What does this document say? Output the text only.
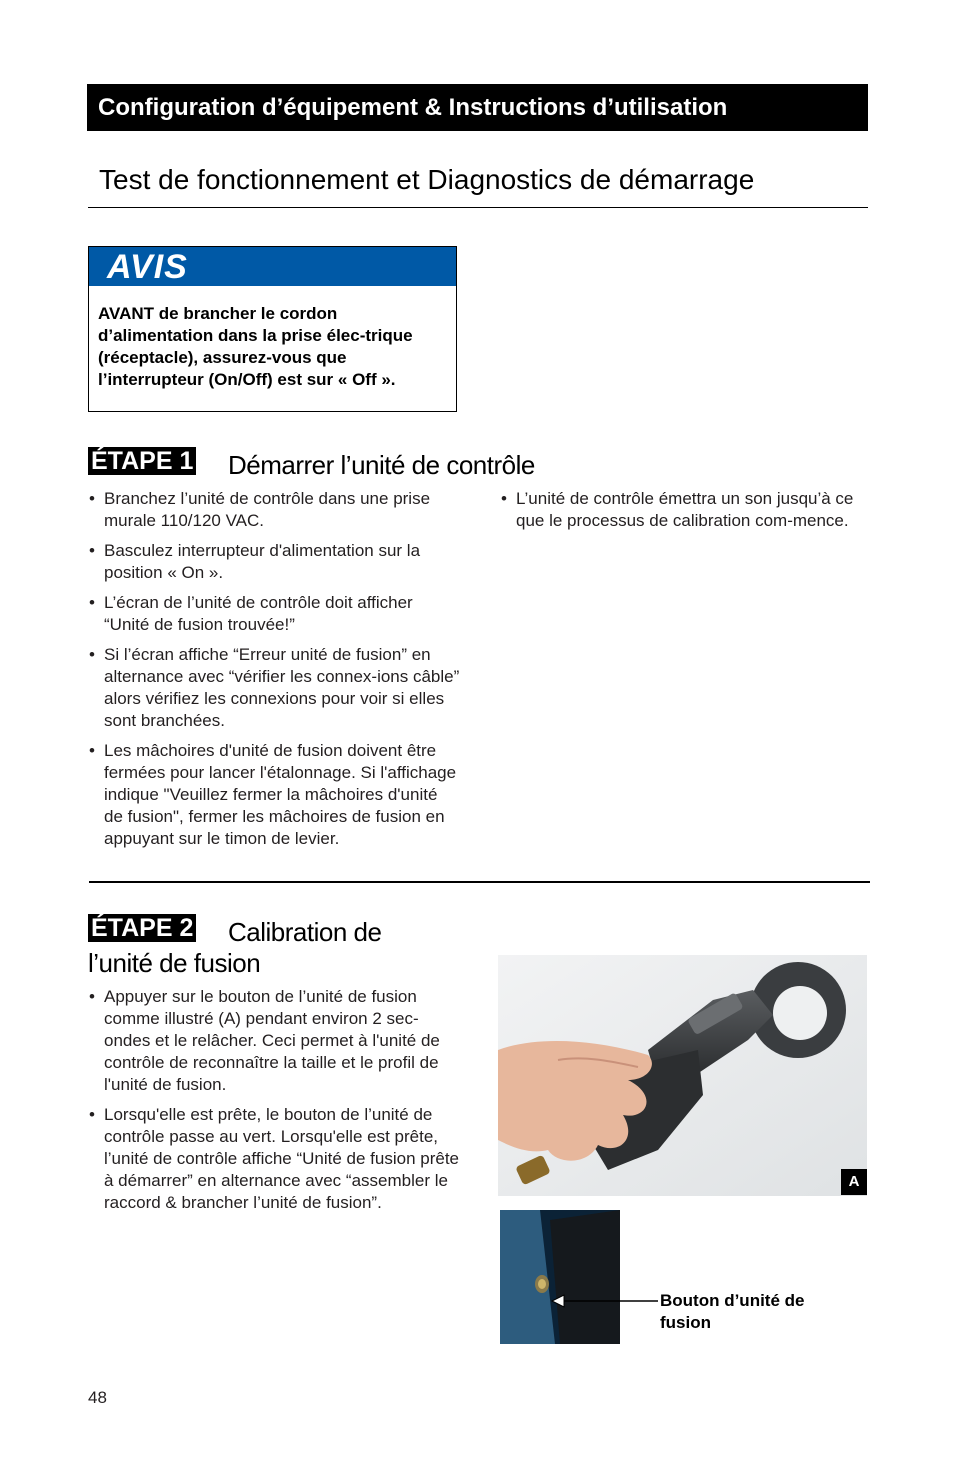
Configuration d’équipement & Instructions d’utilisation
Test de fonctionnement et Diagnostics de démarrage
AVIS
AVANT de brancher le cordon d’alimentation dans la prise élec-trique (réceptacle), assurez-vous que l’interrupteur (On/Off) est sur « Off ».
ÉTAPE 1 Démarrer l’unité de contrôle
• Branchez l’unité de contrôle dans une prise murale 110/120 VAC.
• Basculez interrupteur d'alimentation sur la position « On ».
• L’écran de l’unité de contrôle doit afficher “Unité de fusion trouvée!”
• Si l’écran affiche “Erreur unité de fusion” en alternance avec “vérifier les connex-ions câble” alors vérifiez les connexions pour voir si elles sont branchées.
• Les mâchoires d'unité de fusion doivent être fermées pour lancer l'étalonnage. Si l'affichage indique "Veuillez fermer la mâchoires d'unité de fusion", fermer les mâchoires de fusion en appuyant sur le timon de levier.
• L’unité de contrôle émettra un son jusqu’à ce que le processus de calibration com-mence.
ÉTAPE 2 Calibration de
l’unité de fusion
• Appuyer sur le bouton de l’unité de fusion comme illustré (A) pendant environ 2 sec-ondes et le relâcher. Ceci permet à l'unité de contrôle de reconnaître la taille et le profil de l'unité de fusion.
• Lorsqu'elle est prête, le bouton de l’unité de contrôle passe au vert. Lorsqu'elle est prête, l’unité de contrôle affiche “Unité de fusion prête à démarrer” en alternance avec “assembler le raccord & brancher l’unité de fusion”.
A
Bouton d’unité de fusion
48
